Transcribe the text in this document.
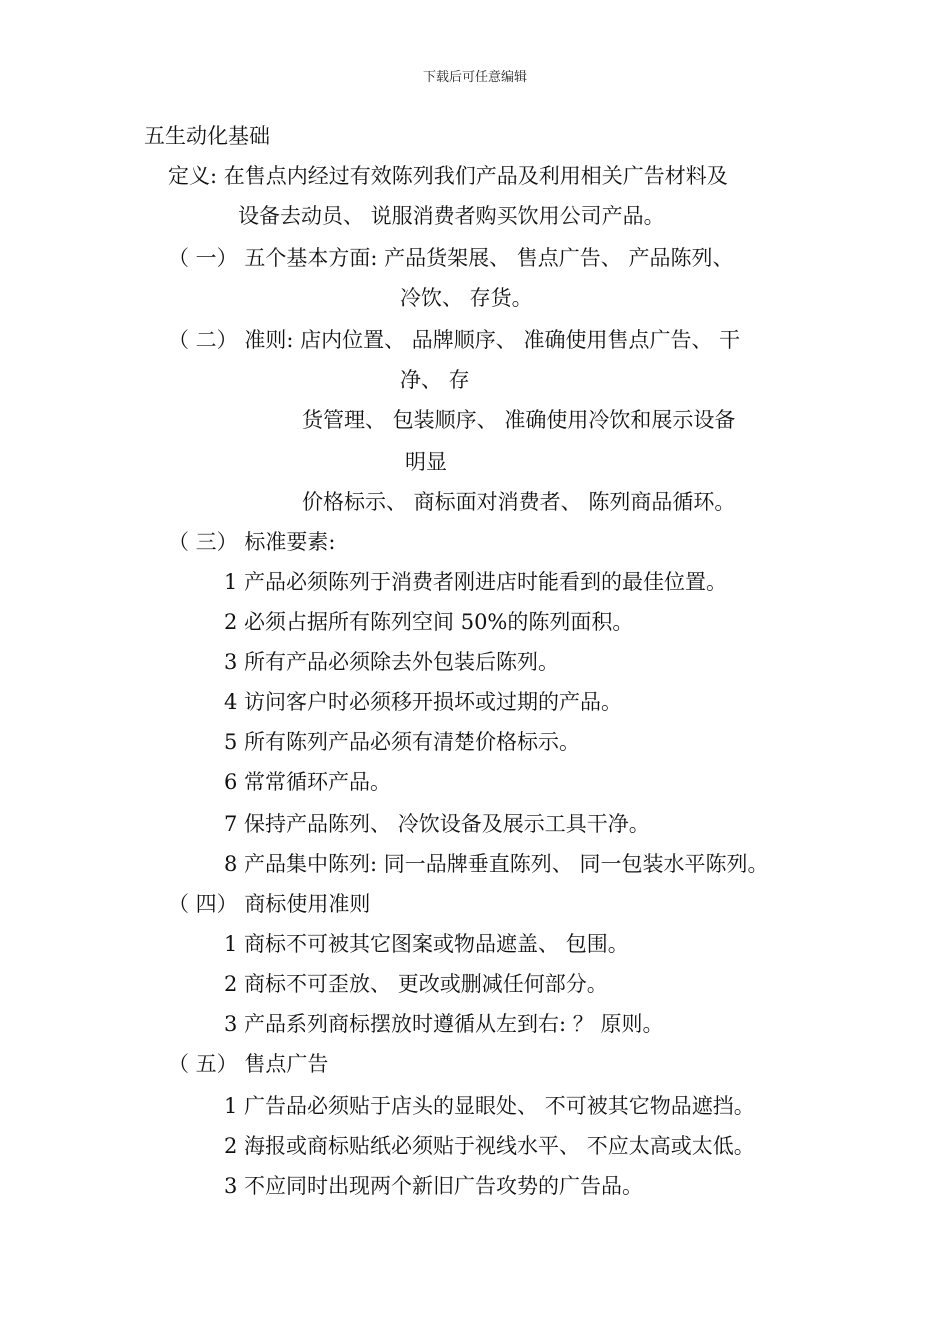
下载后可任意编辑
五生动化基础
定义: 在售点内经过有效陈列我们产品及利用相关广告材料及
设备去动员、 说服消费者购买饮用公司产品。
（ 一） 五个基本方面: 产品货架展、 售点广告、 产品陈列、
冷饮、 存货。
（ 二） 准则: 店内位置、 品牌顺序、 准确使用售点广告、 干
净、 存
货管理、 包装顺序、 准确使用冷饮和展示设备
明显
价格标示、 商标面对消费者、 陈列商品循环。
（ 三） 标准要素:
1 产品必须陈列于消费者刚进店时能看到的最佳位置。
2 必须占据所有陈列空间 50%的陈列面积。
3 所有产品必须除去外包装后陈列。
4 访问客户时必须移开损坏或过期的产品。
5 所有陈列产品必须有清楚价格标示。
6 常常循环产品。
7 保持产品陈列、 冷饮设备及展示工具干净。
8 产品集中陈列: 同一品牌垂直陈列、 同一包装水平陈列。
（ 四） 商标使用准则
1 商标不可被其它图案或物品遮盖、 包围。
2 商标不可歪放、 更改或删减任何部分。
3 产品系列商标摆放时遵循从左到右: ？ 原则。
（ 五） 售点广告
1 广告品必须贴于店头的显眼处、 不可被其它物品遮挡。
2 海报或商标贴纸必须贴于视线水平、 不应太高或太低。
3 不应同时出现两个新旧广告攻势的广告品。
